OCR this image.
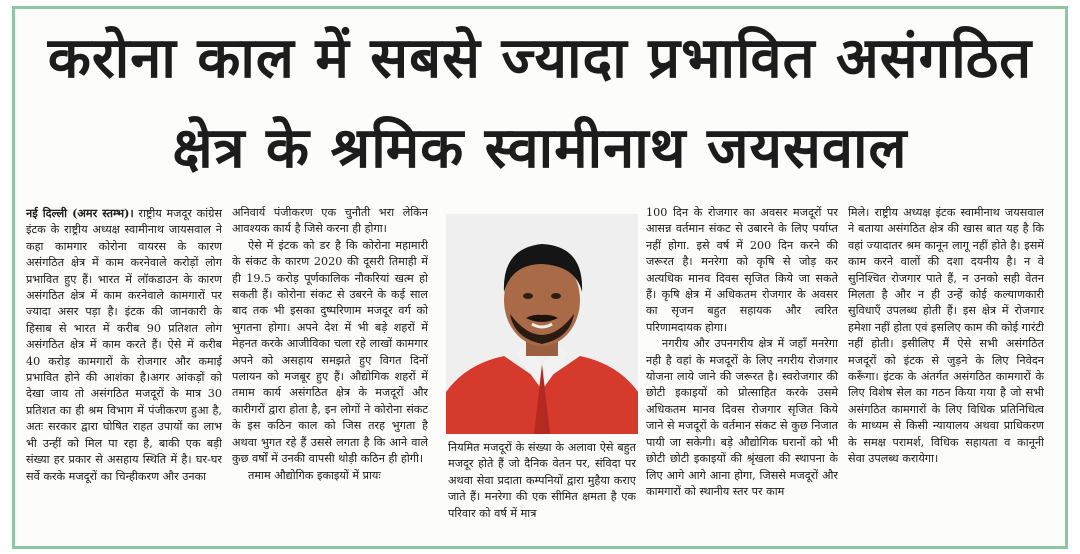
करोना काल में सबसे ज्यादा प्रभावित असंगठित
क्षेत्र के श्रमिक स्वामीनाथ जयसवाल

नई दिल्ली (अमर स्तम्भ)। राष्ट्रीय मजदूर कांग्रेस इंटक के राष्ट्रीय अध्यक्ष स्वामीनाथ जायसवाल ने कहा कामगार कोरोना वायरस के कारण असंगठित क्षेत्र में काम करनेवाले करोड़ों लोग प्रभावित हुए हैं। भारत में लॉकडाउन के कारण असंगठित क्षेत्र में काम करनेवाले कामगारों पर ज्यादा असर पड़ा है। इंटक की जानकारी के हिसाब से भारत में करीब 90 प्रतिशत लोग असंगठित क्षेत्र में काम करते हैं। ऐसे में करीब 40 करोड़ कामगारों के रोजगार और कमाई प्रभावित होने की आशंका है।अगर आंकड़ों को देखा जाय तो असंगठित मजदूरों के मात्र 30 प्रतिशत का ही श्रम विभाग में पंजीकरण हुआ है, अतः सरकार द्वारा घोषित राहत उपायों का लाभ भी उन्हीं को मिल पा रहा है, बाकी एक बड़ी संख्या हर प्रकार से असहाय स्थिति में है। घर-घर सर्वे करके मजदूरों का चिन्हीकरण और उनका

अनिवार्य पंजीकरण एक चुनौती भरा लेकिन आवश्यक कार्य है जिसे करना ही होगा।

ऐसे में इंटक को डर है कि कोरोना महामारी के संकट के कारण 2020 की दूसरी तिमाही में ही 19.5 करोड़ पूर्णकालिक नौकरियां खत्म हो सकती हैं। कोरोना संकट से उबरने के कई साल बाद तक भी इसका दुष्परिणाम मजदूर वर्ग को भुगतना होगा। अपने देश में भी बड़े शहरों में मेहनत करके आजीविका चला रहे लाखों कामगार अपने को असहाय समझते हुए विगत दिनों पलायन को मजबूर हुए हैं। औद्योगिक शहरों में तमाम कार्य असंगठित क्षेत्र के मजदूरों और कारीगरों द्वारा होता है, इन लोगों ने कोरोना संकट के इस कठिन काल को जिस तरह भुगता है अथवा भुगत रहे हैं उससे लगता है कि आने वाले कुछ वर्षों में उनकी वापसी थोड़ी कठिन ही होगी।

तमाम औद्योगिक इकाइयों में प्रायः

नियमित मजदूरों के संख्या के अलावा ऐसे बहुत मजदूर होते हैं जो दैनिक वेतन पर, संविदा पर अथवा सेवा प्रदाता कम्पनियों द्वारा मुहैया कराए जाते हैं। मनरेगा की एक सीमित क्षमता है एक परिवार को वर्ष में मात्र

100 दिन के रोजगार का अवसर मजदूरों पर आसन्न वर्तमान संकट से उबारने के लिए पर्याप्त नहीं होगा. इसे वर्ष में 200 दिन करने की जरूरत है। मनरेगा को कृषि से जोड़ कर अत्यधिक मानव दिवस सृजित किये जा सकते हैं। कृषि क्षेत्र में अधिकतम रोजगार के अवसर का सृजन बहुत सहायक और त्वरित परिणामदायक होगा।

नगरीय और उपनगरीय क्षेत्र में जहाँ मनरेगा नही है वहां के मजदूरों के लिए नगरीय रोजगार योजना लाये जाने की जरूरत है। स्वरोजगार की छोटी इकाइयों को प्रोत्साहित करके उसमे अधिकतम मानव दिवस रोजगार सृजित किये जाने से मजदूरों के वर्तमान संकट से कुछ निजात पायी जा सकेगी। बड़े औद्योगिक घरानों को भी छोटी छोटी इकाइयों की श्रृंखला की स्थापना के लिए आगे आगे आना होगा, जिससे मजदूरों और कामगारों को स्थानीय स्तर पर काम

मिले। राष्ट्रीय अध्यक्ष इंटक स्वामीनाथ जयसवाल ने बताया असंगठित क्षेत्र की खास बात यह है कि वहां ज्यादातर श्रम कानून लागू नहीं होते है। इसमें काम करने वालों की दशा दयनीय है। न वे सुनिश्चित रोजगार पाते हैं, न उनको सही वेतन मिलता है और न ही उन्हें कोई कल्याणकारी सुविधाएँ उपलब्ध होती हैं। इस क्षेत्र में रोजगार हमेशा नहीं होता एवं इसलिए काम की कोई गारंटी नहीं होती। इसीलिए मैं ऐसे सभी असंगठित मजदूरों को इंटक से जुड़ने के लिए निवेदन करूँगा। इंटक के अंतर्गत असंगठित कामगारों के लिए विशेष सेल का गठन किया गया है जो सभी असंगठित कामगारों के लिए विधिक प्रतिनिधित्व के माध्यम से किसी न्यायालय अथवा प्राधिकरण के समक्ष परामर्श, विधिक सहायता व कानूनी सेवा उपलब्ध करायेगा।
